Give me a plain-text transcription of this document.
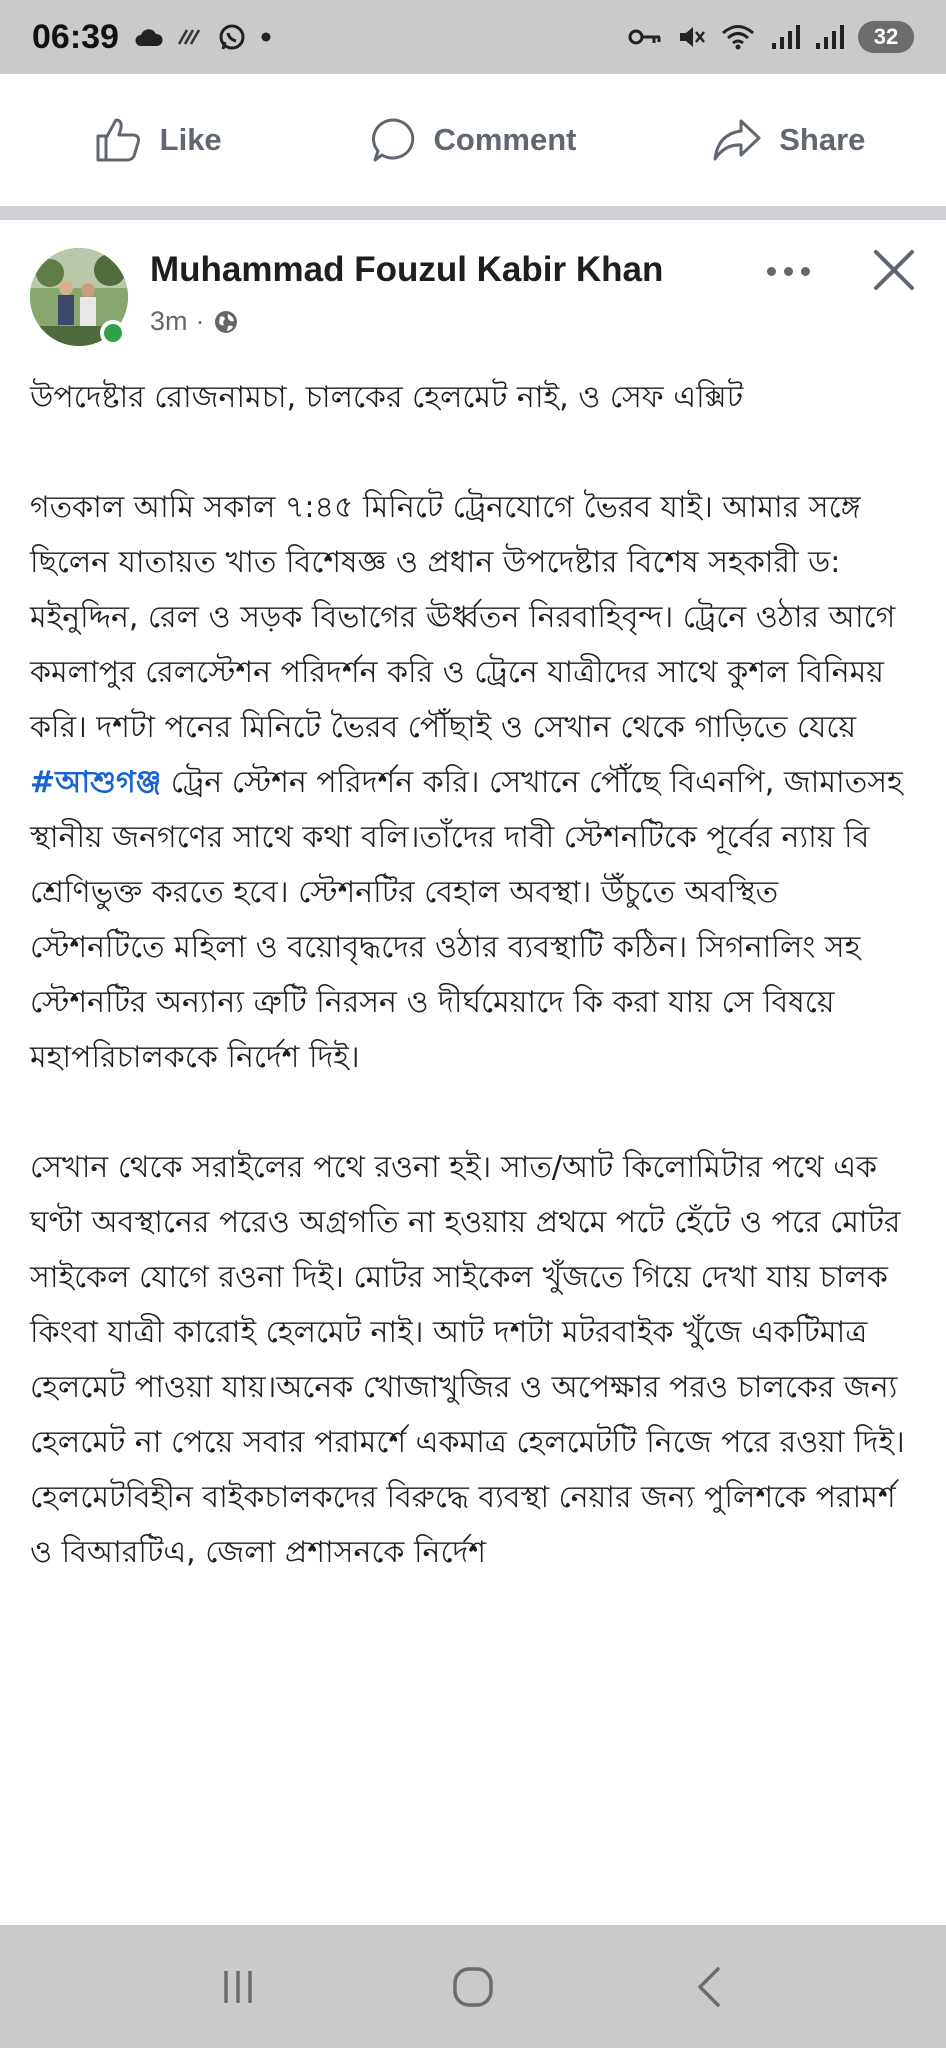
06:39	32
Like	Comment	Share
Muhammad Fouzul Kabir Khan
3m ·

উপদেষ্টার রোজনামচা, চালকের হেলমেট নাই, ও সেফ এক্সিট

গতকাল আমি সকাল ৭:৪৫ মিনিটে ট্রেনযোগে ভৈরব যাই। আমার সঙ্গে ছিলেন যাতায়ত খাত বিশেষজ্ঞ ও প্রধান উপদেষ্টার বিশেষ সহকারী ড: মইনুদ্দিন, রেল ও সড়ক বিভাগের ঊর্ধ্বতন নিরবাহিবৃন্দ। ট্রেনে ওঠার আগে কমলাপুর রেলস্টেশন পরিদর্শন করি ও ট্রেনে যাত্রীদের সাথে কুশল বিনিময় করি। দশটা পনের মিনিটে ভৈরব পৌঁছাই ও সেখান থেকে গাড়িতে যেয়ে #আশুগঞ্জ ট্রেন স্টেশন পরিদর্শন করি। সেখানে পৌঁছে বিএনপি, জামাতসহ স্থানীয় জনগণের সাথে কথা বলি।তাঁদের দাবী স্টেশনটিকে পূর্বের ন্যায় বি শ্রেণিভুক্ত করতে হবে। স্টেশনটির বেহাল অবস্থা। উঁচুতে অবস্থিত স্টেশনটিতে মহিলা ও বয়োবৃদ্ধদের ওঠার ব্যবস্থাটি কঠিন। সিগনালিং সহ স্টেশনটির অন্যান্য ত্রুটি নিরসন ও দীর্ঘমেয়াদে কি করা যায় সে বিষয়ে মহাপরিচালককে নির্দেশ দিই।

সেখান থেকে সরাইলের পথে রওনা হই। সাত/আট কিলোমিটার পথে এক ঘণ্টা অবস্থানের পরেও অগ্রগতি না হওয়ায় প্রথমে পটে হেঁটে ও পরে মোটর সাইকেল যোগে রওনা দিই। মোটর সাইকেল খুঁজতে গিয়ে দেখা যায় চালক কিংবা যাত্রী কারোই হেলমেট নাই। আট দশটা মটরবাইক খুঁজে একটিমাত্র হেলমেট পাওয়া যায়।অনেক খোজাখুজির ও অপেক্ষার পরও চালকের জন্য হেলমেট না পেয়ে সবার পরামর্শে একমাত্র হেলমেটটি নিজে পরে রওয়া দিই। হেলমেটবিহীন বাইকচালকদের বিরুদ্ধে ব্যবস্থা নেয়ার জন্য পুলিশকে পরামর্শ ও বিআরটিএ, জেলা প্রশাসনকে নির্দেশ
